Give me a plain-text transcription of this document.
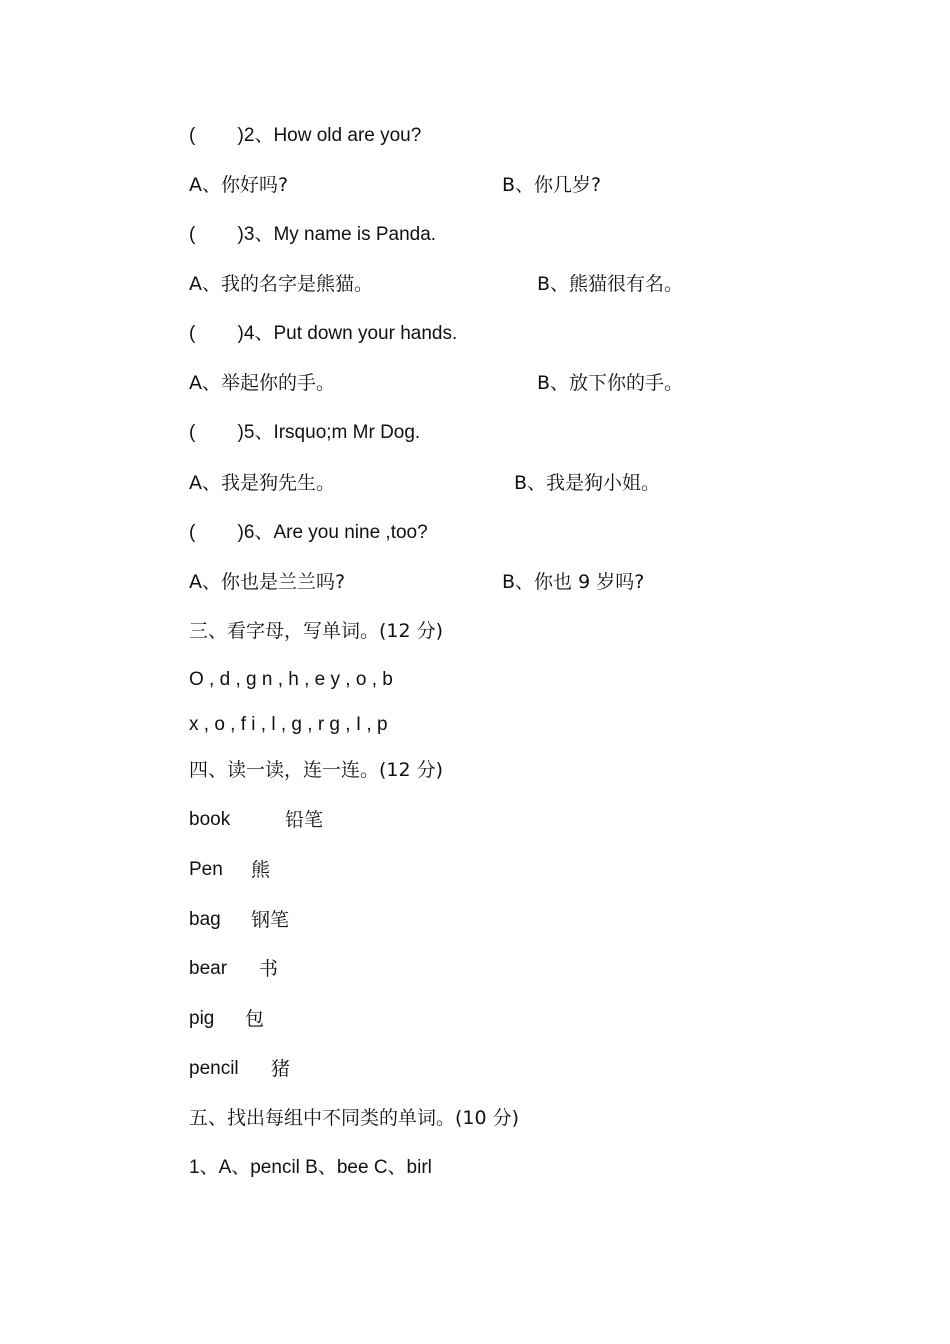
(        )2、How old are you?
A、你好吗?	B、你几岁?
(        )3、My name is Panda.
A、我的名字是熊猫。	B、熊猫很有名。
(        )4、Put down your hands.
A、举起你的手。	B、放下你的手。
(        )5、Irsquo;m Mr Dog.
A、我是狗先生。	B、我是狗小姐。
(        )6、Are you nine ,too?
A、你也是兰兰吗?	B、你也 9 岁吗?
三、看字母，写单词。(12 分)
O , d , g n , h , e y , o , b
x , o , f i , l , g , r g , I , p
四、读一读，连一连。(12 分)
book	铅笔
Pen 熊
bag 钢笔
bear 书
pig 包
pencil 猪
五、找出每组中不同类的单词。(10 分)
1、A、pencil B、bee C、birl
